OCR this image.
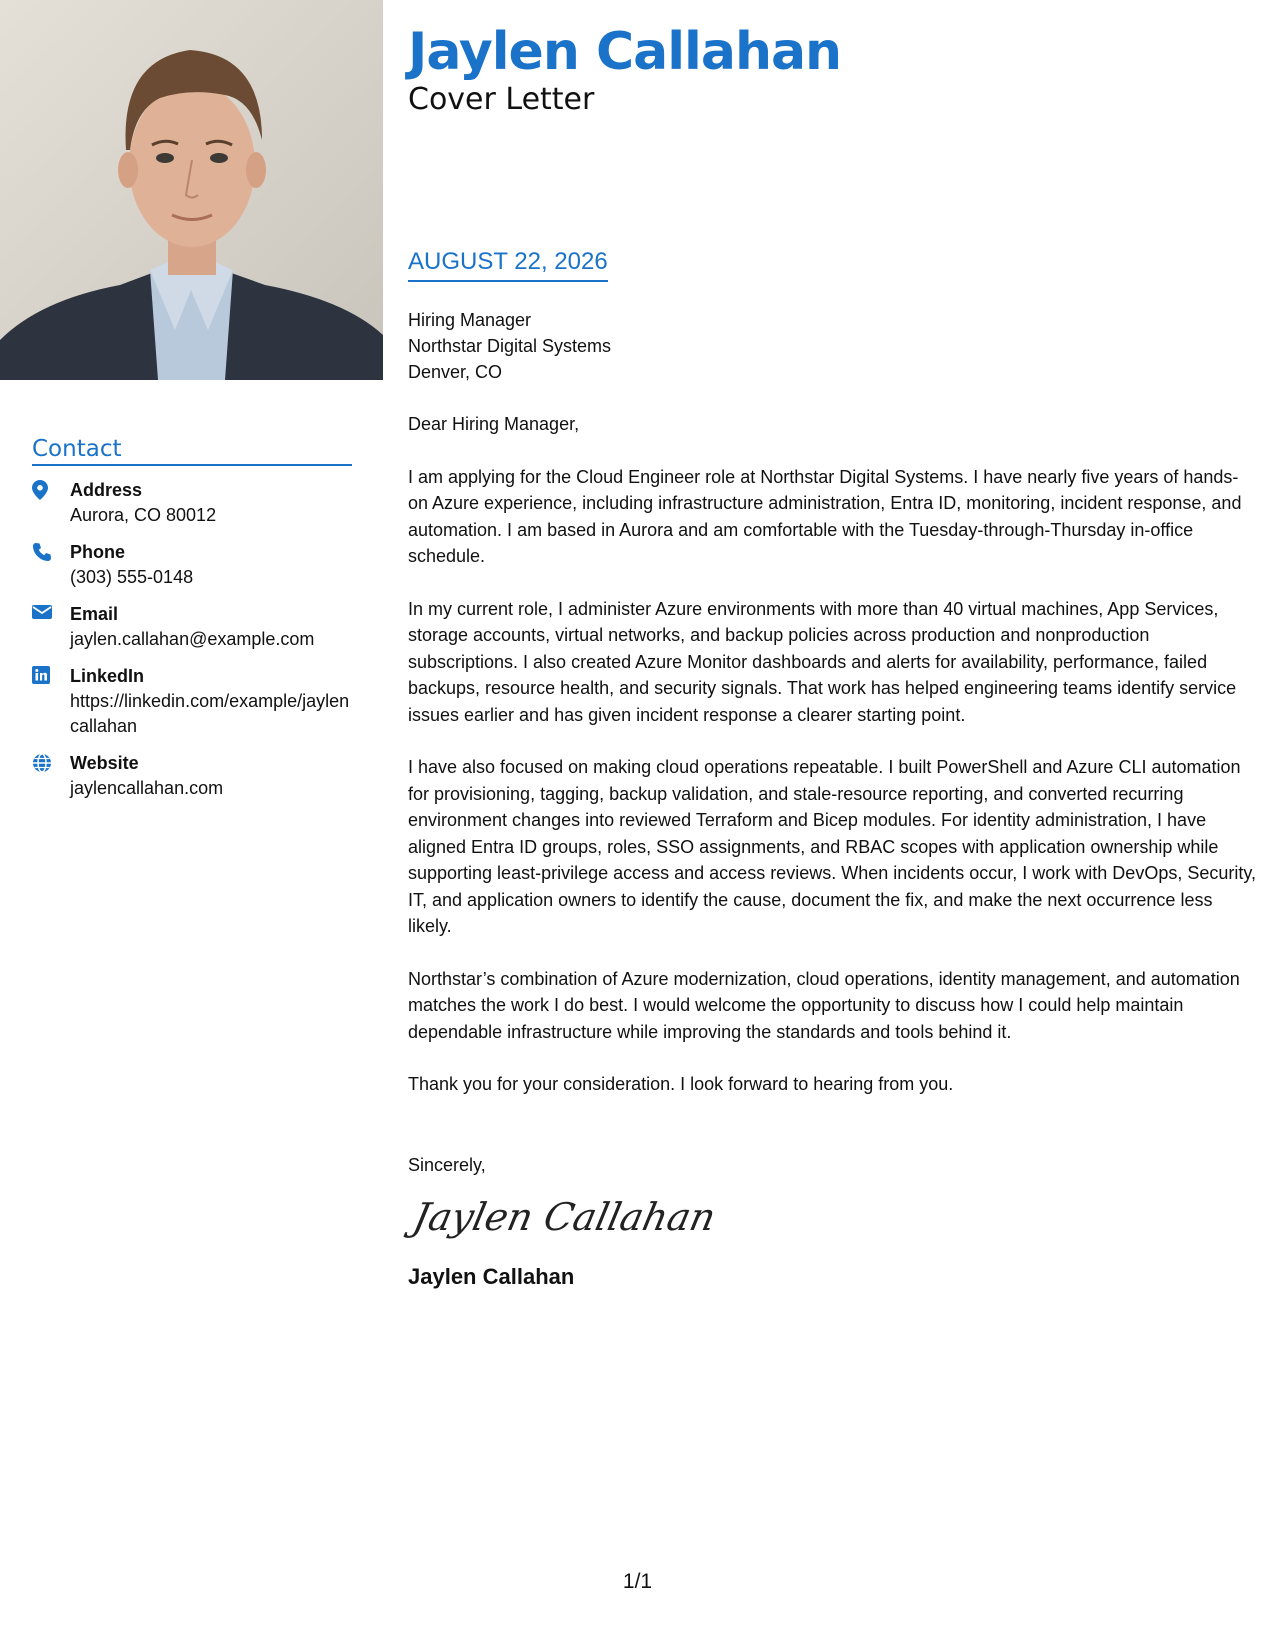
Contact
Address
Aurora, CO 80012
Phone
(303) 555-0148
Email
jaylen.callahan@example.com
LinkedIn
https://linkedin.com/example/jaylencallahan
Website
jaylencallahan.com
Jaylen Callahan
Cover Letter
AUGUST 22, 2026
Hiring Manager
Northstar Digital Systems
Denver, CO

Dear Hiring Manager,

I am applying for the Cloud Engineer role at Northstar Digital Systems. I have nearly five years of hands-on Azure experience, including infrastructure administration, Entra ID, monitoring, incident response, and automation. I am based in Aurora and am comfortable with the Tuesday-through-Thursday in-office schedule.

In my current role, I administer Azure environments with more than 40 virtual machines, App Services, storage accounts, virtual networks, and backup policies across production and nonproduction subscriptions. I also created Azure Monitor dashboards and alerts for availability, performance, failed backups, resource health, and security signals. That work has helped engineering teams identify service issues earlier and has given incident response a clearer starting point.

I have also focused on making cloud operations repeatable. I built PowerShell and Azure CLI automation for provisioning, tagging, backup validation, and stale-resource reporting, and converted recurring environment changes into reviewed Terraform and Bicep modules. For identity administration, I have aligned Entra ID groups, roles, SSO assignments, and RBAC scopes with application ownership while supporting least-privilege access and access reviews. When incidents occur, I work with DevOps, Security, IT, and application owners to identify the cause, document the fix, and make the next occurrence less likely.

Northstar’s combination of Azure modernization, cloud operations, identity management, and automation matches the work I do best. I would welcome the opportunity to discuss how I could help maintain dependable infrastructure while improving the standards and tools behind it.

Thank you for your consideration. I look forward to hearing from you.

Sincerely,
Jaylen Callahan
Jaylen Callahan
1/1
